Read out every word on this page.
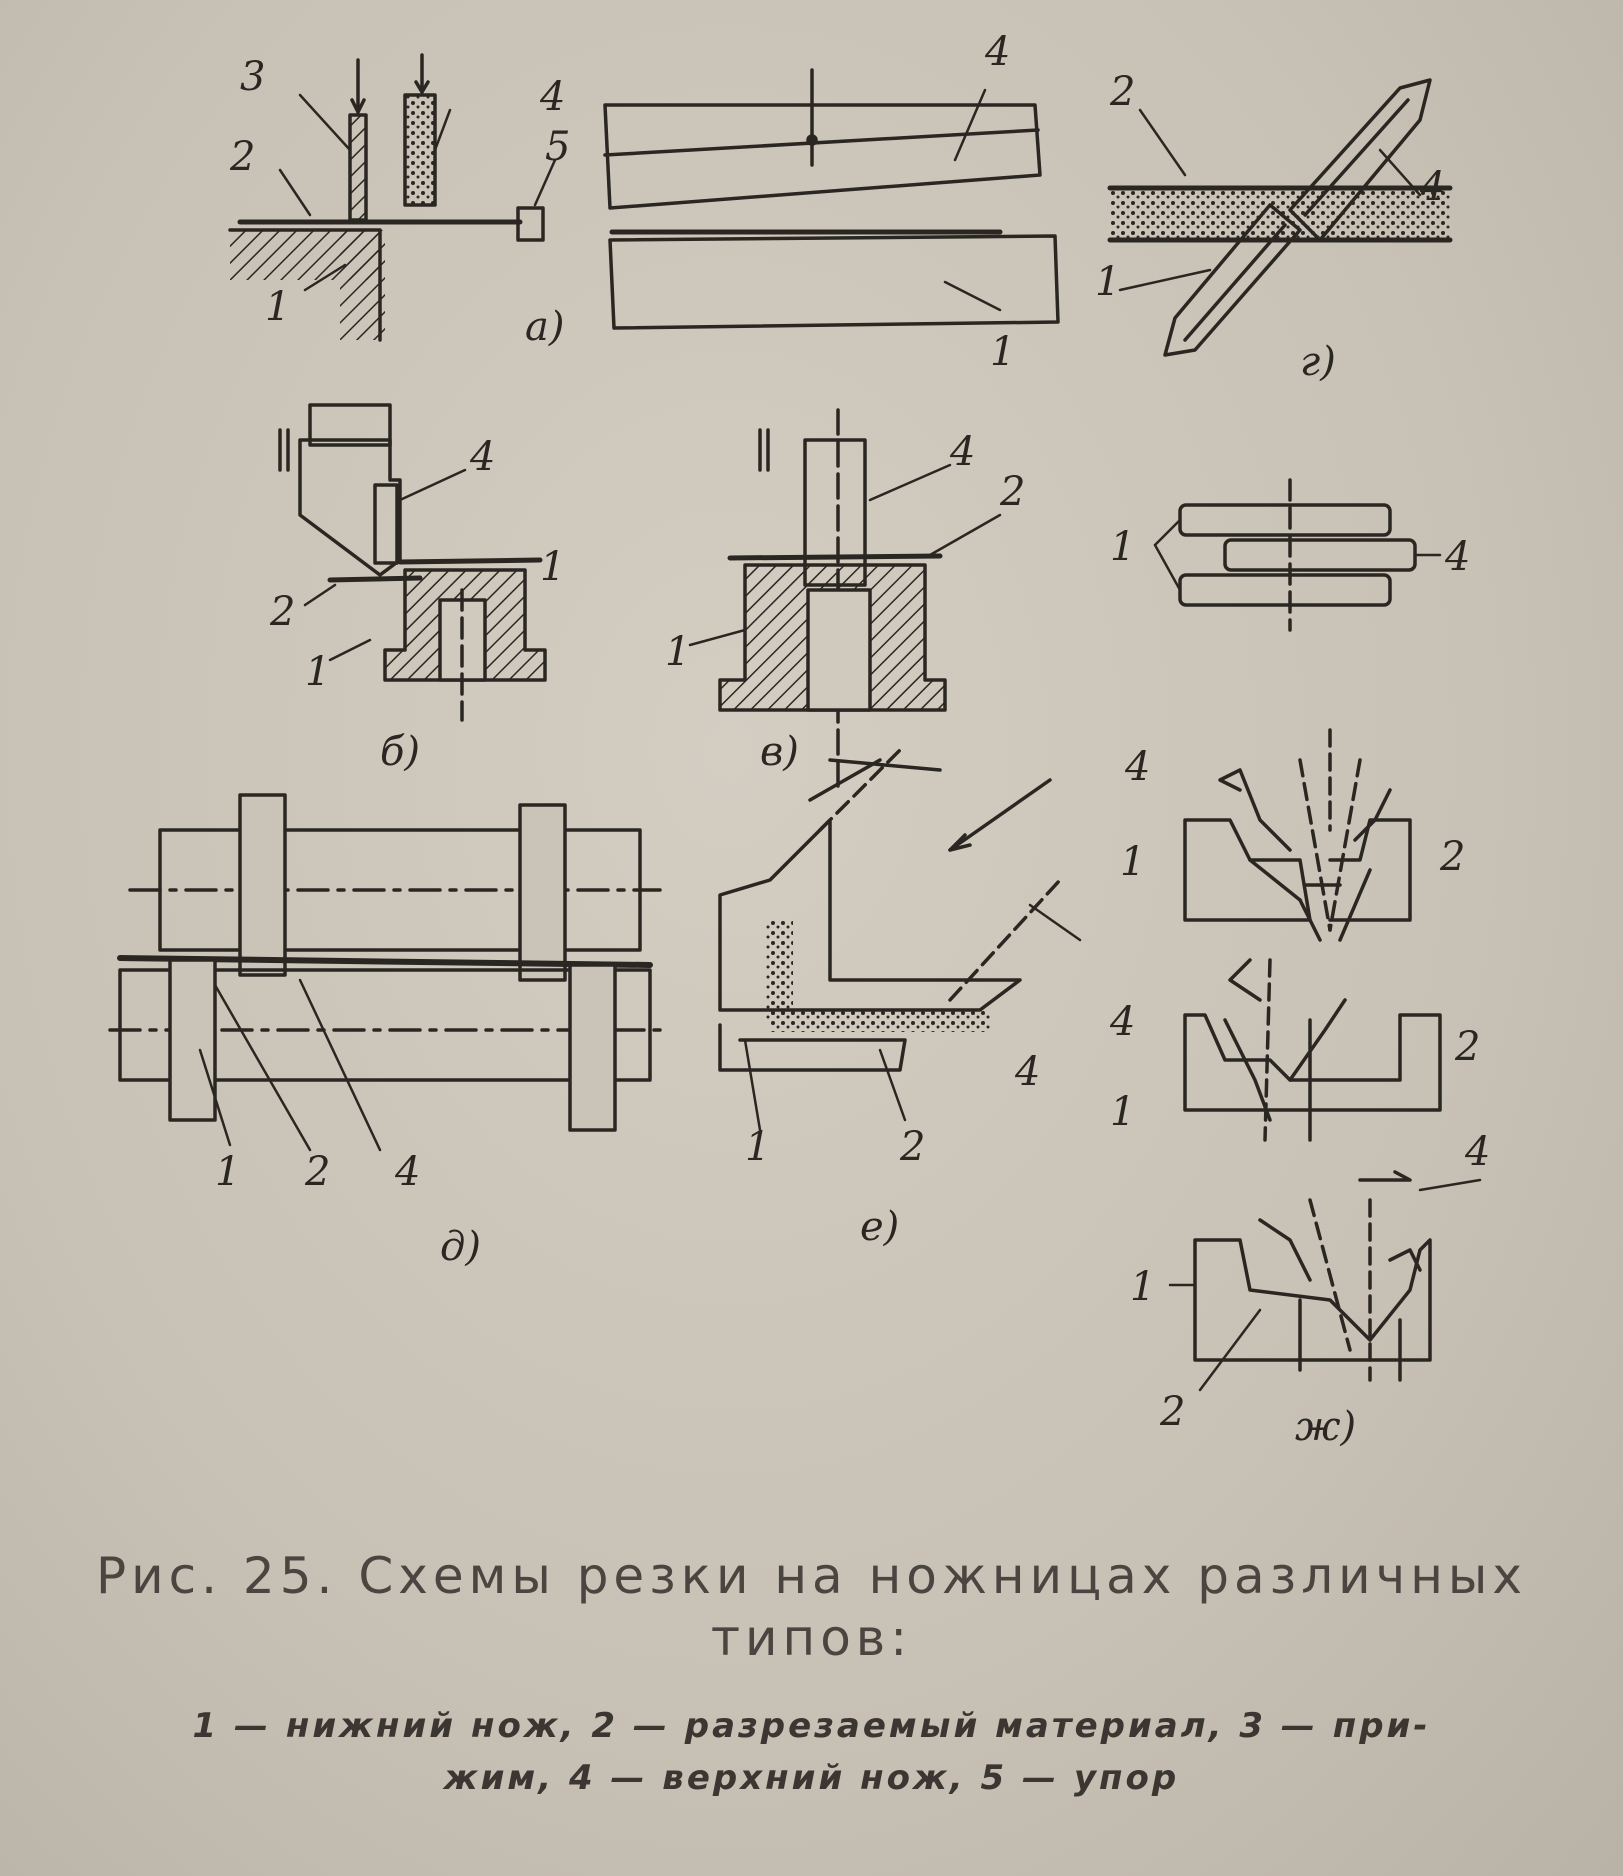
а)
г)
б)	в)
д)	е)
ж)
3	4
5
2
1
4
1
2
4
1
4
1
2
1
4
2
1
1	4
1 2 4
1	2
4
4
1	2
4
2
1
4
1
2
Рис. 25. Схемы резки на ножницах различных
типов:
1 — нижний нож, 2 — разрезаемый материал, 3 — при-
жим, 4 — верхний нож, 5 — упор
